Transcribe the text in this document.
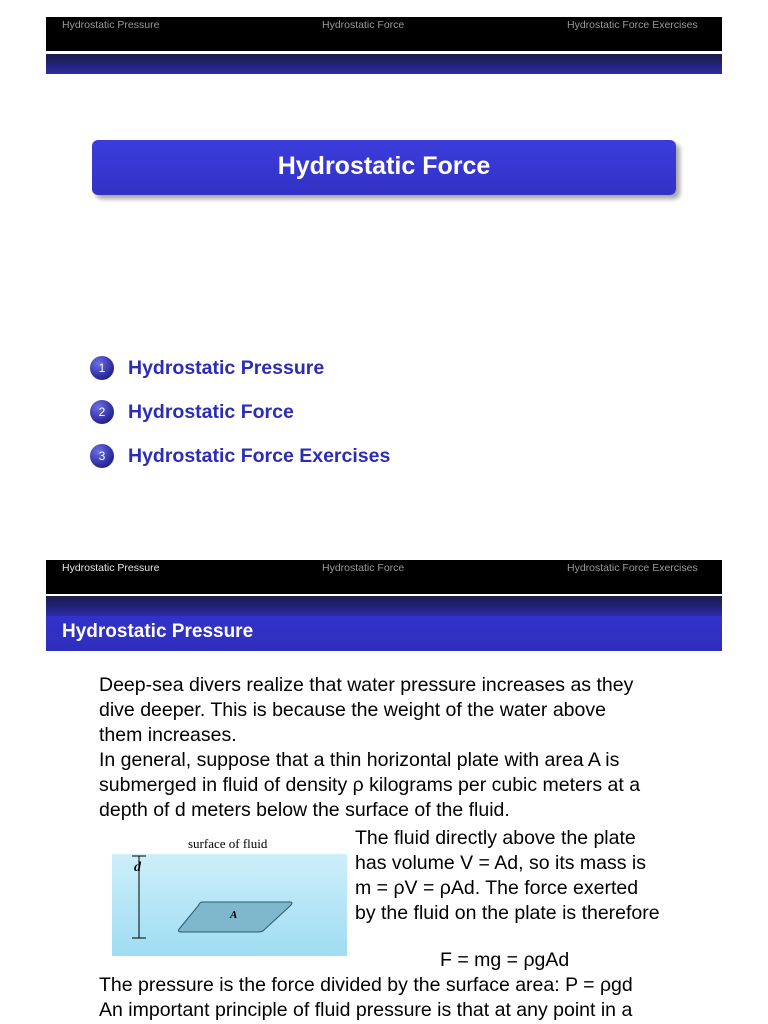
Hydrostatic Pressure	Hydrostatic Force	Hydrostatic Force Exercises
Hydrostatic Force
1	Hydrostatic Pressure
2	Hydrostatic Force
3	Hydrostatic Force Exercises
Hydrostatic Pressure	Hydrostatic Force	Hydrostatic Force Exercises
Hydrostatic Pressure
Deep-sea divers realize that water pressure increases as they
dive deeper. This is because the weight of the water above
them increases.
In general, suppose that a thin horizontal plate with area A is
submerged in fluid of density ρ kilograms per cubic meters at a
depth of d meters below the surface of the fluid.
surface of fluid
d
A
The fluid directly above the plate
has volume V = Ad, so its mass is
m = ρV = ρAd. The force exerted
by the fluid on the plate is therefore
F = mg = ρgAd
The pressure is the force divided by the surface area: P = ρgd
An important principle of fluid pressure is that at any point in a
